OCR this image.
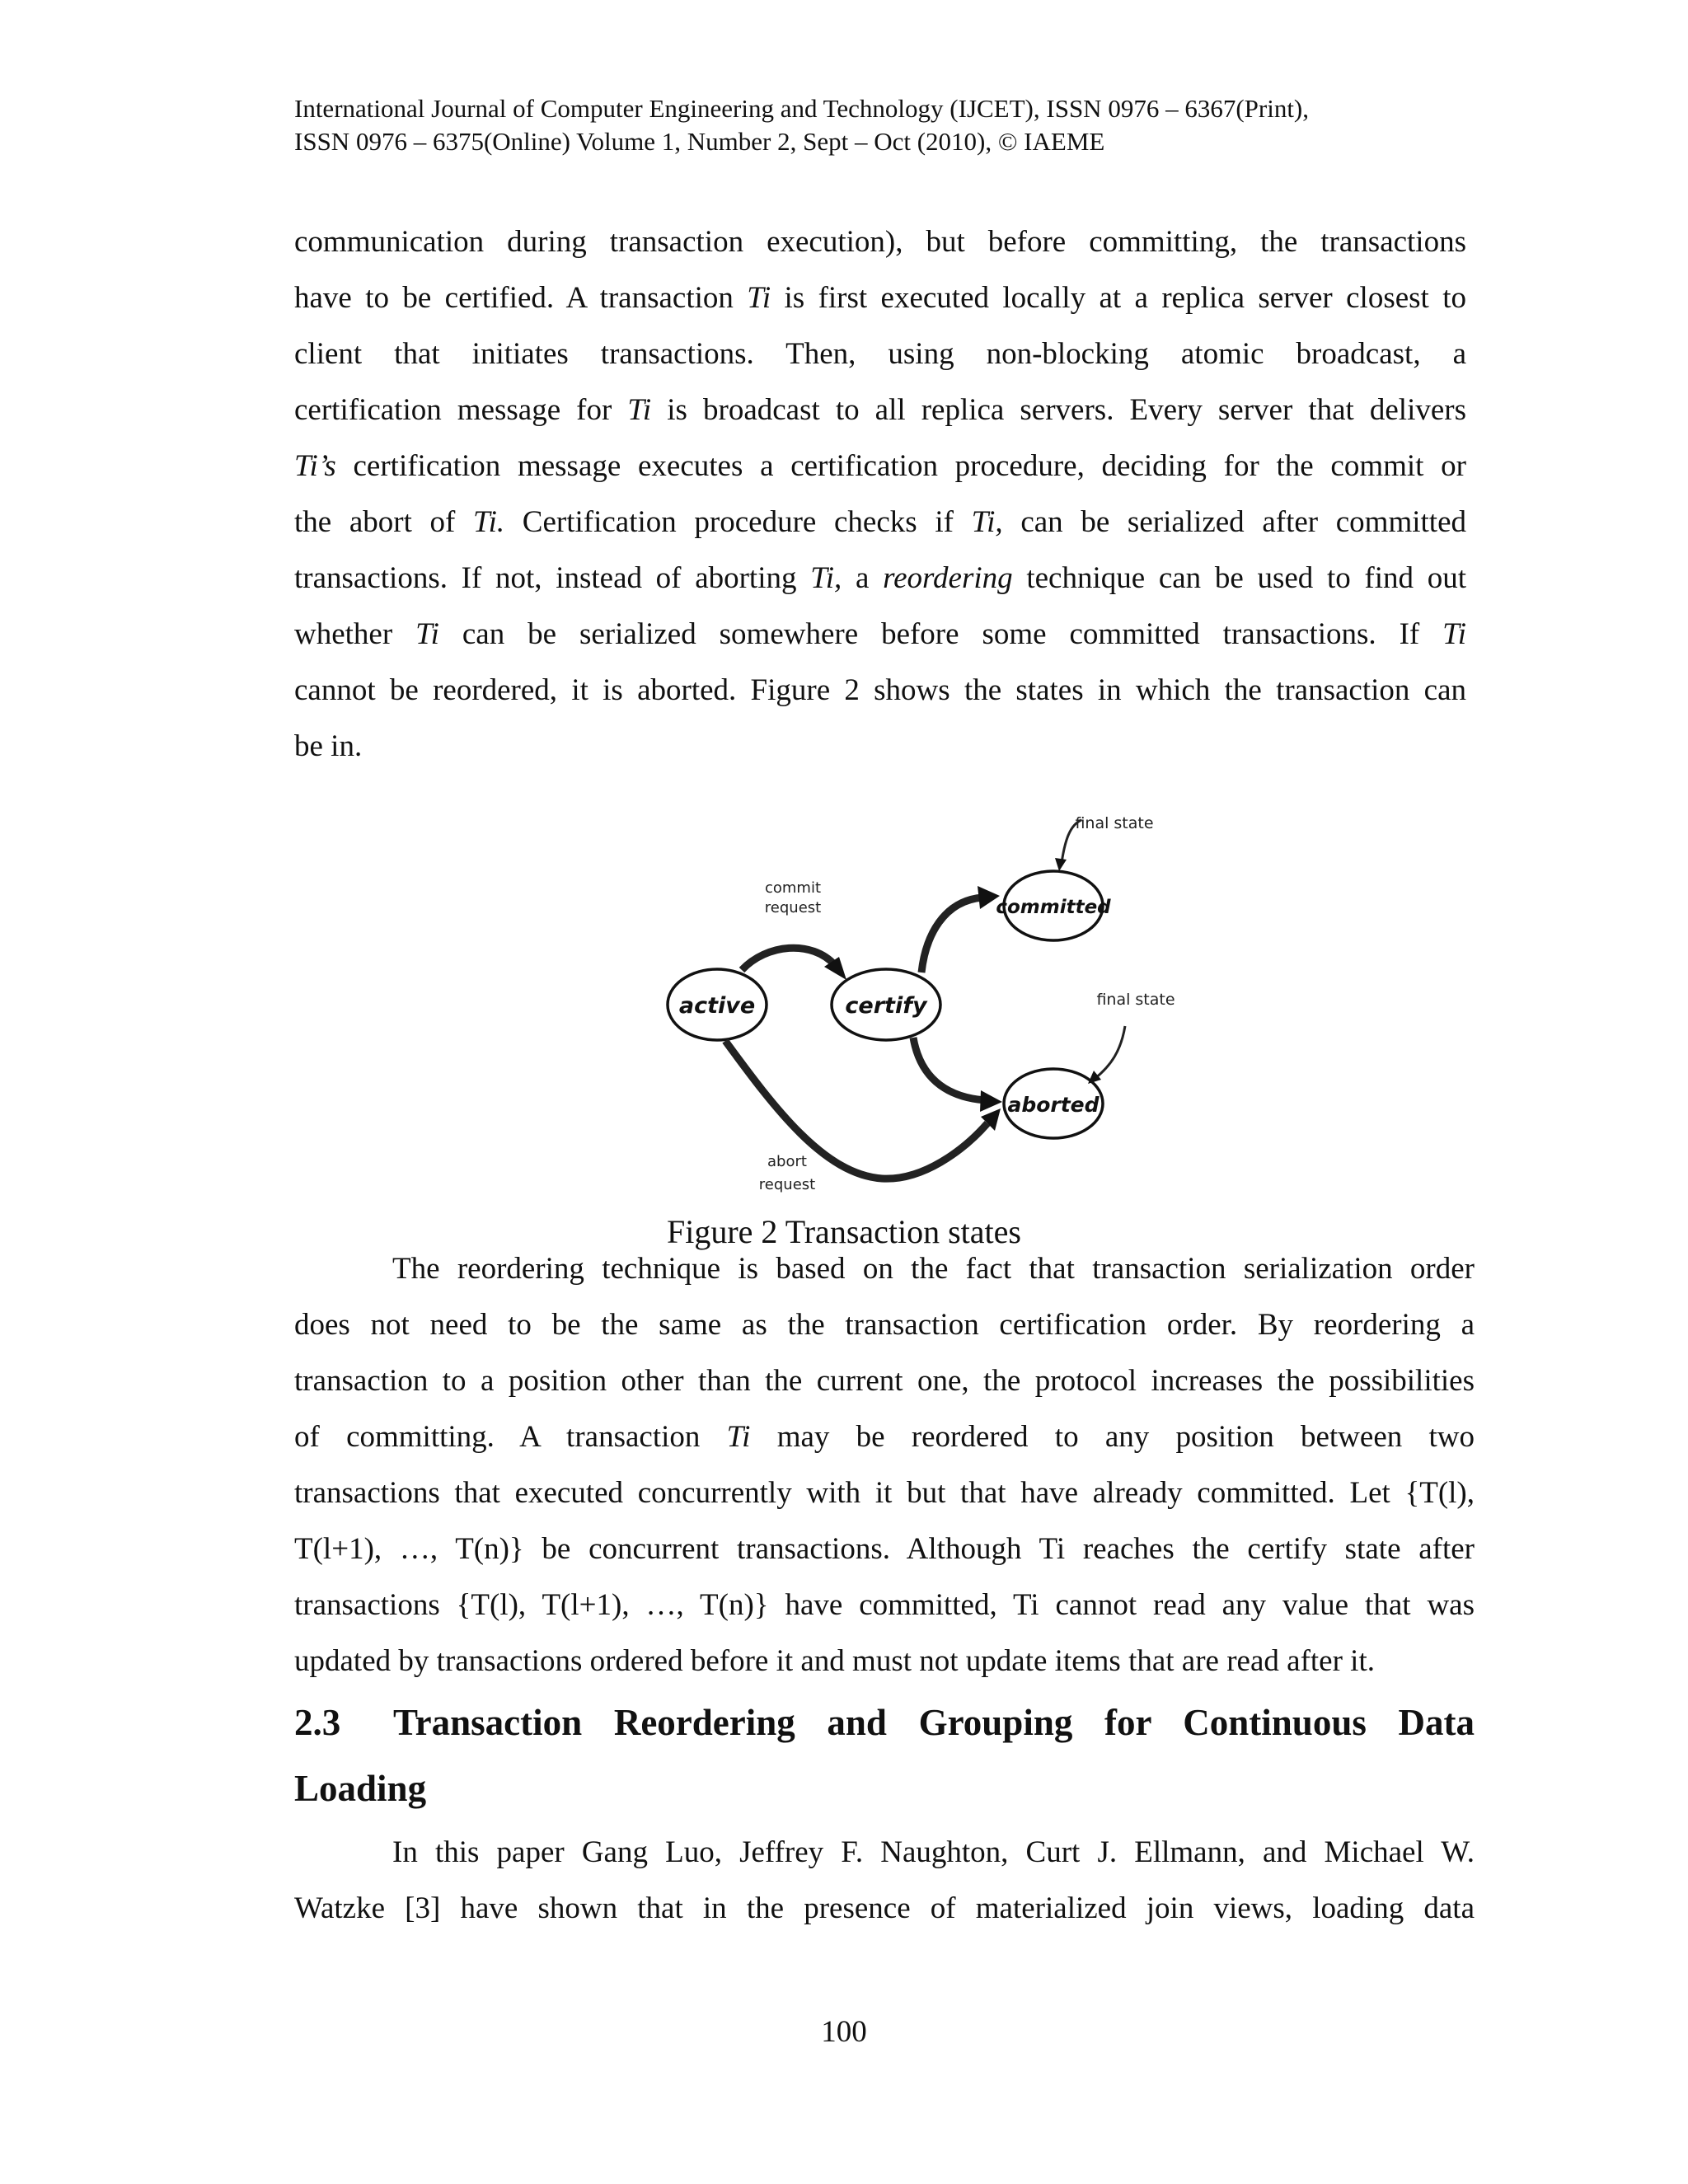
International Journal of Computer Engineering and Technology (IJCET), ISSN 0976 – 6367(Print),

ISSN 0976 – 6375(Online) Volume 1, Number 2, Sept – Oct (2010), © IAEME

communication during transaction execution), but before committing, the transactions

have to be certified. A transaction Ti is first executed locally at a replica server closest to

client that initiates transactions. Then, using non-blocking atomic broadcast, a

certification message for Ti is broadcast to all replica servers. Every server that delivers

Ti’s certification message executes a certification procedure, deciding for the commit or

the abort of Ti. Certification procedure checks if Ti, can be serialized after committed

transactions. If not, instead of aborting Ti, a reordering technique can be used to find out

whether Ti can be serialized somewhere before some committed transactions. If Ti

cannot be reordered, it is aborted. Figure 2 shows the states in which the transaction can

be in.

active	certify
committed
aborted
commit
request
abort
request
final state
final state

Figure 2 Transaction states

The reordering technique is based on the fact that transaction serialization order

does not need to be the same as the transaction certification order. By reordering a

transaction to a position other than the current one, the protocol increases the possibilities

of committing. A transaction Ti may be reordered to any position between two

transactions that executed concurrently with it but that have already committed. Let {T(l),

T(l+1), …, T(n)} be concurrent transactions. Although Ti reaches the certify state after

transactions {T(l), T(l+1), …, T(n)} have committed, Ti cannot read any value that was

updated by transactions ordered before it and must not update items that are read after it.

2.3 Transaction Reordering and Grouping for Continuous Data
Loading

In this paper Gang Luo, Jeffrey F. Naughton, Curt J. Ellmann, and Michael W.

Watzke [3] have shown that in the presence of materialized join views, loading data

100
